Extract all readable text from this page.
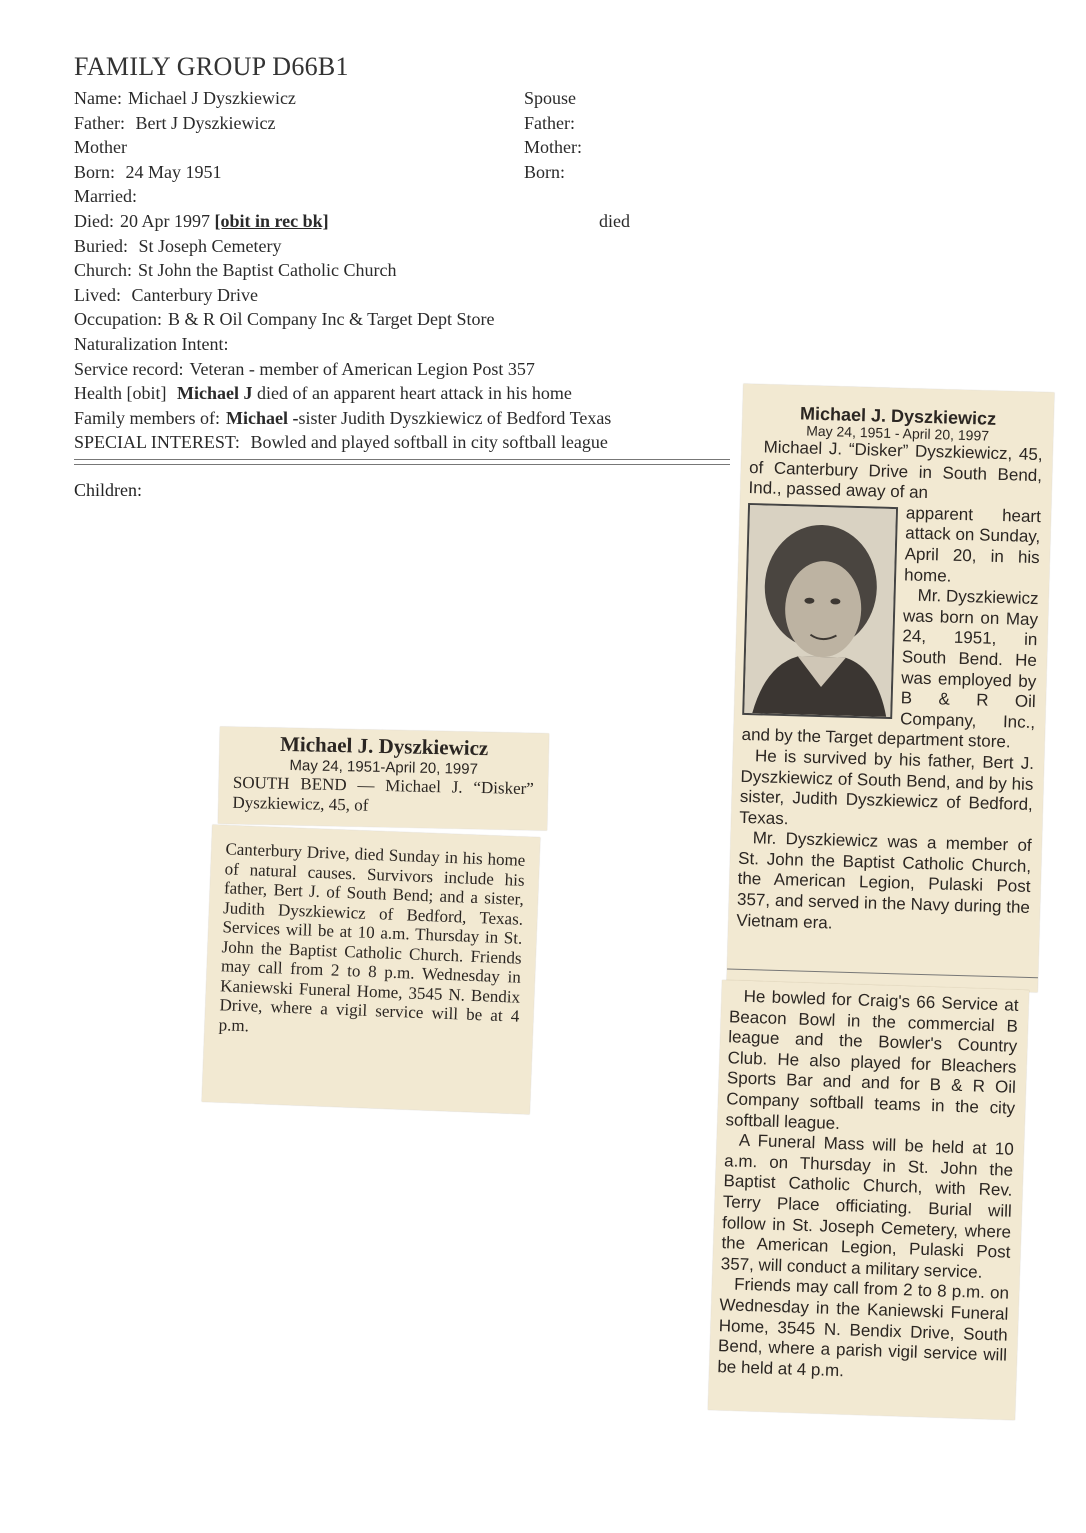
FAMILY GROUP D66B1
Name: Michael J Dyszkiewicz
Father: Bert J Dyszkiewicz
Mother
Born: 24 May 1951
Married:
Died: 20 Apr 1997 [obit in rec bk]
Buried: St Joseph Cemetery
Church: St John the Baptist Catholic Church
Lived: Canterbury Drive
Occupation: B & R Oil Company Inc & Target Dept Store
Naturalization Intent:
Service record: Veteran - member of American Legion Post 357
Health [obit] Michael J died of an apparent heart attack in his home
Family members of: Michael -sister Judith Dyszkiewicz of Bedford Texas
SPECIAL INTEREST: Bowled and played softball in city softball league
Spouse
Father:
Mother:
Born:
died
Children:
Michael J. Dyszkiewicz
May 24, 1951-April 20, 1997
SOUTH BEND — Michael J. “Disker” Dyszkiewicz, 45, of
Canterbury Drive, died Sunday in his home of natural causes. Survivors include his father, Bert J. of South Bend; and a sister, Judith Dyszkiewicz of Bedford, Texas. Services will be at 10 a.m. Thursday in St. John the Baptist Catholic Church. Friends may call from 2 to 8 p.m. Wednesday in Kaniewski Funeral Home, 3545 N. Bendix Drive, where a vigil service will be at 4 p.m.
Michael J. Dyszkiewicz
May 24, 1951 - April 20, 1997

Michael J. “Disker” Dyszkiewicz, 45, of Canterbury Drive in South Bend, Ind., passed away of an

apparent heart attack on Sunday, April 20, in his home.

Mr. Dyszkiewicz was born on May 24, 1951, in South Bend. He was employed by B & R Oil Company, Inc., and by the Target department store.

He is survived by his father, Bert J. Dyszkiewicz of South Bend, and by his sister, Judith Dyszkiewicz of Bedford, Texas.

Mr. Dyszkiewicz was a member of St. John the Baptist Catholic Church, the American Legion, Pulaski Post 357, and served in the Navy during the Vietnam era.

He bowled for Craig's 66 Service at Beacon Bowl in the commercial B league and the Bowler's Country Club. He also played for Bleachers Sports Bar and and for B & R Oil Company softball teams in the city softball league.

A Funeral Mass will be held at 10 a.m. on Thursday in St. John the Baptist Catholic Church, with Rev. Terry Place officiating. Burial will follow in St. Joseph Cemetery, where the American Legion, Pulaski Post 357, will conduct a military service.

Friends may call from 2 to 8 p.m. on Wednesday in the Kaniewski Funeral Home, 3545 N. Bendix Drive, South Bend, where a parish vigil service will be held at 4 p.m.
